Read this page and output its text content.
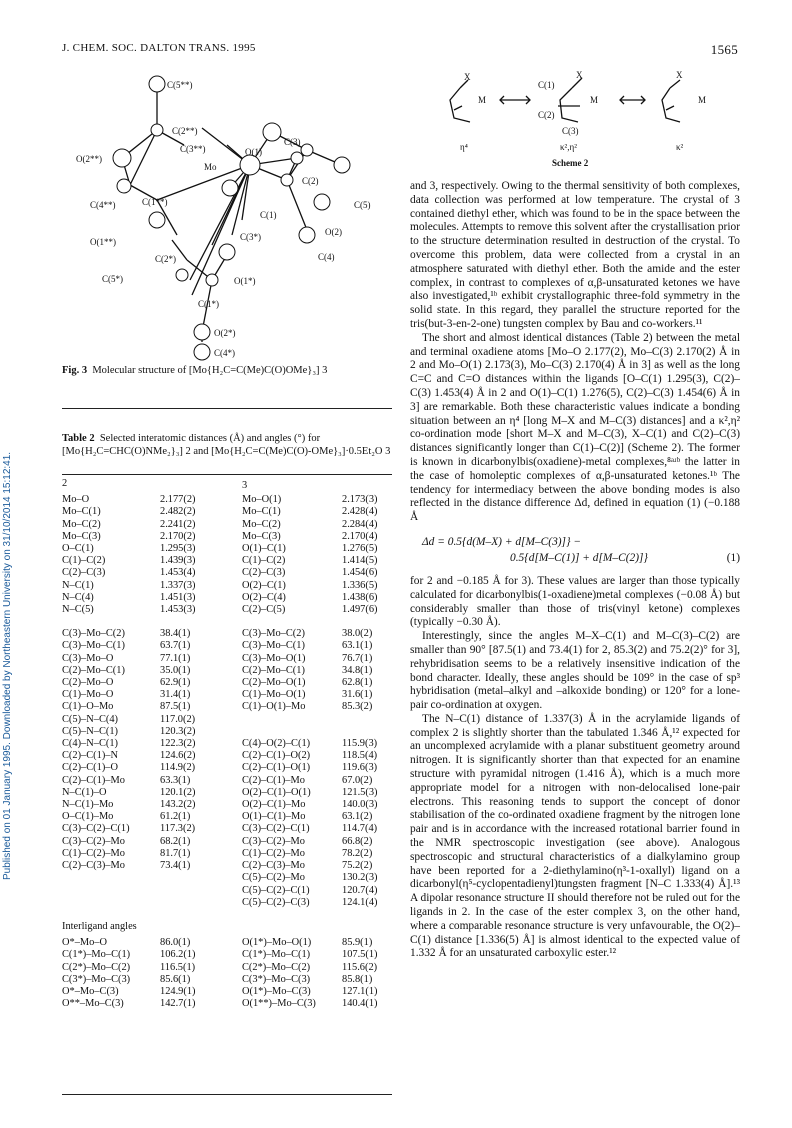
J. CHEM. SOC. DALTON TRANS. 1995	1565
Published on 01 January 1995. Downloaded by Northeastern University on 31/10/2014 15:12:41.
C(5**)
C(2**)
O(2**)
C(3**)
C(3)
C(4**)	C(1**)
Mo
O(1)
C(2)
C(1)
C(5)
O(1**)	C(3*)	O(2)
C(2*)	C(4)
C(5*)	O(1*)
C(1*)
O(2*)
C(4*)
Fig. 3 Molecular structure of [Mo{H₂C=C(Me)C(O)OMe}₃] 3
Table 2 Selected interatomic distances (Å) and angles (°) for [Mo{H₂C=CHC(O)NMe₂}₃] 2 and [Mo{H₂C=C(Me)C(O)-OMe}₃]·0.5Et₂O 3
2		3	
Mo–O	2.177(2)	Mo–O(1)	2.173(3)
Mo–C(1)	2.482(2)	Mo–C(1)	2.428(4)
Mo–C(2)	2.241(2)	Mo–C(2)	2.284(4)
Mo–C(3)	2.170(2)	Mo–C(3)	2.170(4)
O–C(1)	1.295(3)	O(1)–C(1)	1.276(5)
C(1)–C(2)	1.439(3)	C(1)–C(2)	1.414(5)
C(2)–C(3)	1.453(4)	C(2)–C(3)	1.454(6)
N–C(1)	1.337(3)	O(2)–C(1)	1.336(5)
N–C(4)	1.451(3)	O(2)–C(4)	1.438(6)
N–C(5)	1.453(3)	C(2)–C(5)	1.497(6)
C(3)–Mo–C(2)	38.4(1)	C(3)–Mo–C(2)	38.0(2)
C(3)–Mo–C(1)	63.7(1)	C(3)–Mo–C(1)	63.1(1)
C(3)–Mo–O	77.1(1)	C(3)–Mo–O(1)	76.7(1)
C(2)–Mo–C(1)	35.0(1)	C(2)–Mo–C(1)	34.8(1)
C(2)–Mo–O	62.9(1)	C(2)–Mo–O(1)	62.8(1)
C(1)–Mo–O	31.4(1)	C(1)–Mo–O(1)	31.6(1)
C(1)–O–Mo	87.5(1)	C(1)–O(1)–Mo	85.3(2)
C(5)–N–C(4)	117.0(2)		
C(5)–N–C(1)	120.3(2)		
C(4)–N–C(1)	122.3(2)	C(4)–O(2)–C(1)	115.9(3)
C(2)–C(1)–N	124.6(2)	C(2)–C(1)–O(2)	118.5(4)
C(2)–C(1)–O	114.9(2)	C(2)–C(1)–O(1)	119.6(3)
C(2)–C(1)–Mo	63.3(1)	C(2)–C(1)–Mo	67.0(2)
N–C(1)–O	120.1(2)	O(2)–C(1)–O(1)	121.5(3)
N–C(1)–Mo	143.2(2)	O(2)–C(1)–Mo	140.0(3)
O–C(1)–Mo	61.2(1)	O(1)–C(1)–Mo	63.1(2)
C(3)–C(2)–C(1)	117.3(2)	C(3)–C(2)–C(1)	114.7(4)
C(3)–C(2)–Mo	68.2(1)	C(3)–C(2)–Mo	66.8(2)
C(1)–C(2)–Mo	81.7(1)	C(1)–C(2)–Mo	78.2(2)
C(2)–C(3)–Mo	73.4(1)	C(2)–C(3)–Mo	75.2(2)
		C(5)–C(2)–Mo	130.2(3)
		C(5)–C(2)–C(1)	120.7(4)
		C(5)–C(2)–C(3)	124.1(4)
Interligand angles			
O*–Mo–O	86.0(1)	O(1*)–Mo–O(1)	85.9(1)
C(1*)–Mo–C(1)	106.2(1)	C(1*)–Mo–C(1)	107.5(1)
C(2*)–Mo–C(2)	116.5(1)	C(2*)–Mo–C(2)	115.6(2)
C(3*)–Mo–C(3)	85.6(1)	C(3*)–Mo–C(3)	85.8(1)
O*–Mo–C(3)	124.9(1)	O(1*)–Mo–C(3)	127.1(1)
O**–Mo–C(3)	142.7(1)	O(1**)–Mo–C(3)	140.4(1)
X
M
C(1)
X
M
C(2)
C(3)
X
M
η⁴	κ²,η²	κ²
Scheme 2

and 3, respectively. Owing to the thermal sensitivity of both complexes, data collection was performed at low temperature. The crystal of 3 contained diethyl ether, which was found to be in the space between the molecules. Attempts to remove this solvent after the crystallisation prior to the structure determination resulted in destruction of the crystal. To overcome this problem, data were collected from a crystal in an atmosphere saturated with diethyl ether. Both the amide and the ester complex, in contrast to complexes of α,β-unsaturated ketones we have also investigated,¹ᵇ exhibit crystallographic three-fold symmetry in the solid state. In this regard, they parallel the structure reported for the tris(but-3-en-2-one) tungsten complex by Bau and co-workers.¹¹

The short and almost identical distances (Table 2) between the metal and terminal oxadiene atoms [Mo–O 2.177(2), Mo–C(3) 2.170(2) Å in 2 and Mo–O(1) 2.173(3), Mo–C(3) 2.170(4) Å in 3] as well as the long C=C and C=O distances within the ligands [O–C(1) 1.295(3), C(2)–C(3) 1.453(4) Å in 2 and O(1)–C(1) 1.276(5), C(2)–C(3) 1.454(6) Å in 3] are remarkable. Both these characteristic values indicate a bonding situation between an η⁴ [long M–X and M–C(3) distances] and a κ²,η² co-ordination mode [short M–X and M–C(3), X–C(1) and C(2)–C(3) distances significantly longer than C(1)–C(2)] (Scheme 2). The former is known in dicarbonylbis(oxadiene)-metal complexes,⁸ᵃʴᵇ the latter in the case of homoleptic complexes of α,β-unsaturated ketones.¹ᵇ The tendency for intermediacy between the above bonding modes is also reflected in the distance difference Δd, defined in equation (1) (−0.188 Å

Δd = 0.5{d(M–X) + d[M–C(3)]} −
0.5{d[M–C(1)] + d[M–C(2)]}	(1)

for 2 and −0.185 Å for 3). These values are larger than those typically calculated for dicarbonylbis(1-oxadiene)metal complexes (−0.08 Å) but considerably smaller than those of tris(vinyl ketone) complexes (typically −0.30 Å).

Interestingly, since the angles M–X–C(1) and M–C(3)–C(2) are smaller than 90° [87.5(1) and 73.4(1) for 2, 85.3(2) and 75.2(2)° for 3], rehybridisation seems to be a relatively insensitive indication of the bond character. Ideally, these angles should be 109° in the case of sp³ hybridisation (metal–alkyl and –alkoxide bonding) or 120° for a lone-pair co-ordination at oxygen.

The N–C(1) distance of 1.337(3) Å in the acrylamide ligands of complex 2 is slightly shorter than the tabulated 1.346 Å,¹² expected for an uncomplexed acrylamide with a planar substituent geometry around nitrogen. It is significantly shorter than that expected for an enamine structure with pyramidal nitrogen (1.416 Å), which is a much more appropriate model for a nitrogen with non-delocalised lone-pair electrons. This reasoning tends to support the concept of donor stabilisation of the co-ordinated oxadiene fragment by the nitrogen lone pair and is in accordance with the increased rotational barrier found in the NMR spectroscopic investigation (see above). Analogous spectroscopic and structural characteristics of a dialkylamino group have been reported for a 2-diethylamino(η³-1-oxallyl) ligand on a dicarbonyl(η⁵-cyclopentadienyl)tungsten fragment [N–C 1.333(4) Å].¹³ A dipolar resonance structure II should therefore not be ruled out for the ligands in 2. In the case of the ester complex 3, on the other hand, where a comparable resonance structure is very unfavourable, the O(2)–C(1) distance [1.336(5) Å] is almost identical to the expected value of 1.332 Å for an unsaturated carboxylic ester.¹²
